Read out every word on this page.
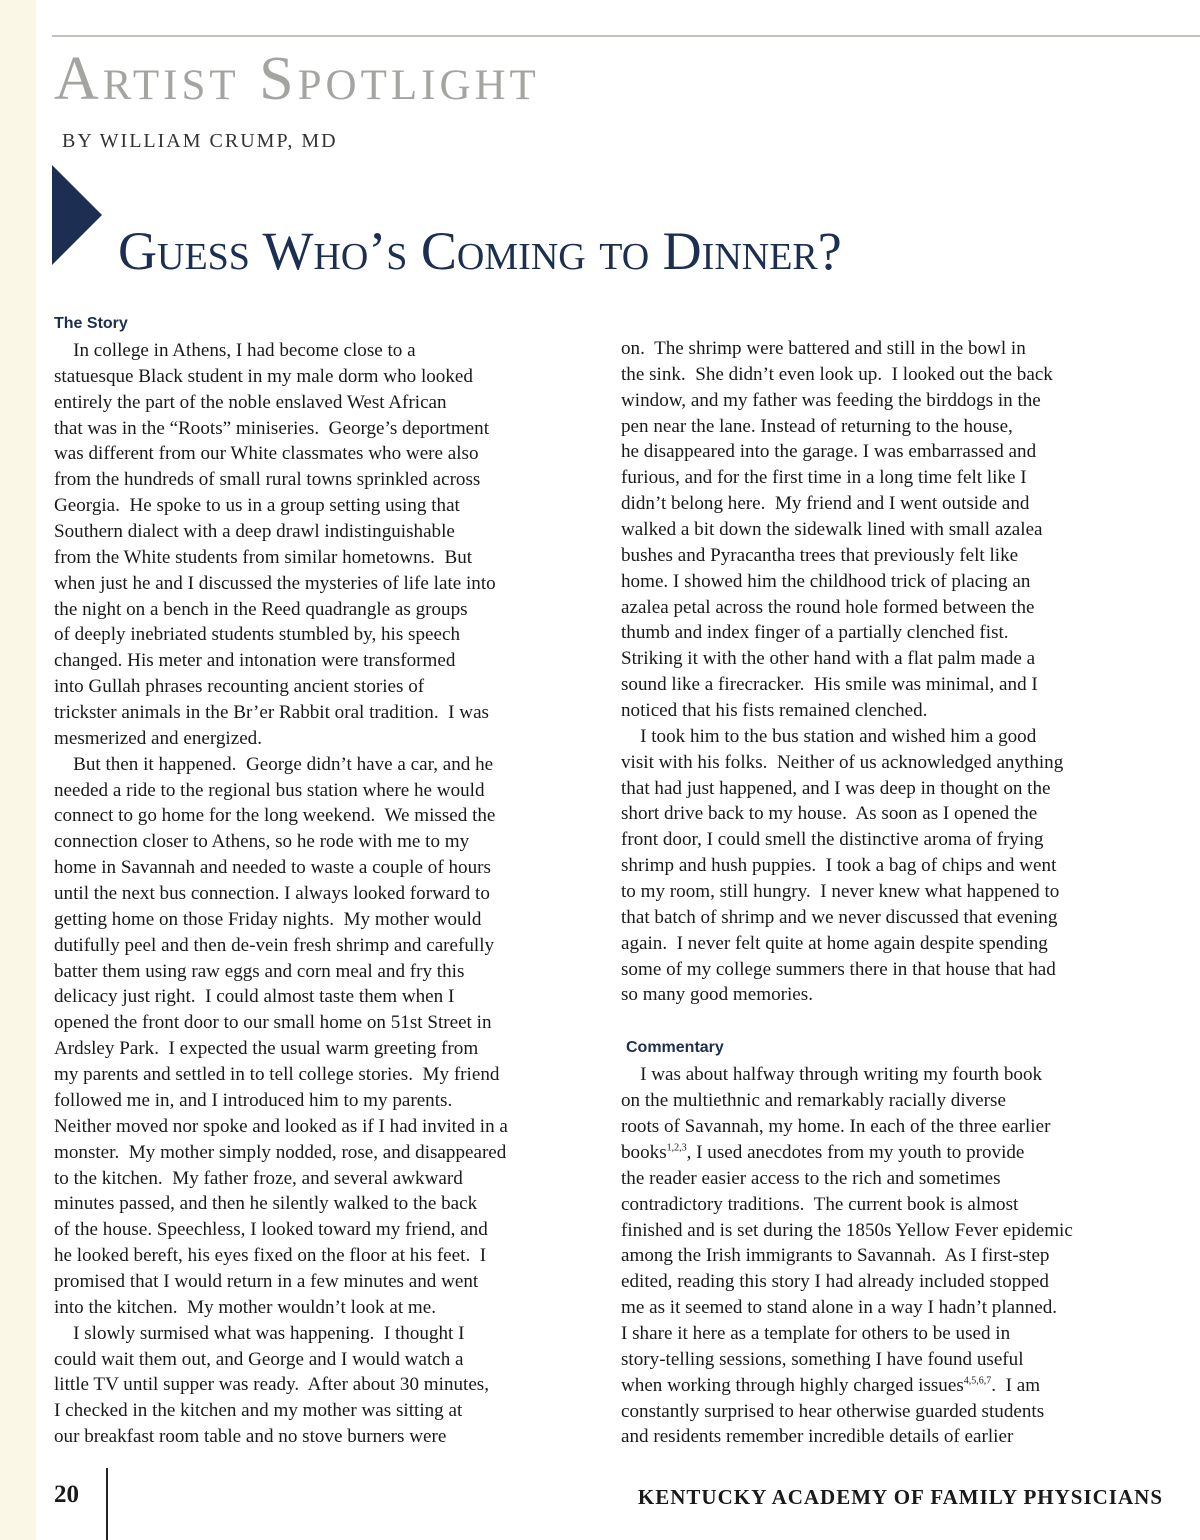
Artist Spotlight
BY WILLIAM CRUMP, MD
Guess Who’s Coming to Dinner?
The Story
In college in Athens, I had become close to a
statuesque Black student in my male dorm who looked
entirely the part of the noble enslaved West African
that was in the “Roots” miniseries.  George’s deportment
was different from our White classmates who were also
from the hundreds of small rural towns sprinkled across
Georgia.  He spoke to us in a group setting using that
Southern dialect with a deep drawl indistinguishable
from the White students from similar hometowns.  But
when just he and I discussed the mysteries of life late into
the night on a bench in the Reed quadrangle as groups
of deeply inebriated students stumbled by, his speech
changed. His meter and intonation were transformed
into Gullah phrases recounting ancient stories of
trickster animals in the Br’er Rabbit oral tradition.  I was
mesmerized and energized.
But then it happened.  George didn’t have a car, and he
needed a ride to the regional bus station where he would
connect to go home for the long weekend.  We missed the
connection closer to Athens, so he rode with me to my
home in Savannah and needed to waste a couple of hours
until the next bus connection. I always looked forward to
getting home on those Friday nights.  My mother would
dutifully peel and then de-vein fresh shrimp and carefully
batter them using raw eggs and corn meal and fry this
delicacy just right.  I could almost taste them when I
opened the front door to our small home on 51st Street in
Ardsley Park.  I expected the usual warm greeting from
my parents and settled in to tell college stories.  My friend
followed me in, and I introduced him to my parents.
Neither moved nor spoke and looked as if I had invited in a
monster.  My mother simply nodded, rose, and disappeared
to the kitchen.  My father froze, and several awkward
minutes passed, and then he silently walked to the back
of the house. Speechless, I looked toward my friend, and
he looked bereft, his eyes fixed on the floor at his feet.  I
promised that I would return in a few minutes and went
into the kitchen.  My mother wouldn’t look at me.
I slowly surmised what was happening.  I thought I
could wait them out, and George and I would watch a
little TV until supper was ready.  After about 30 minutes,
I checked in the kitchen and my mother was sitting at
our breakfast room table and no stove burners were
on.  The shrimp were battered and still in the bowl in
the sink.  She didn’t even look up.  I looked out the back
window, and my father was feeding the birddogs in the
pen near the lane. Instead of returning to the house,
he disappeared into the garage. I was embarrassed and
furious, and for the first time in a long time felt like I
didn’t belong here.  My friend and I went outside and
walked a bit down the sidewalk lined with small azalea
bushes and Pyracantha trees that previously felt like
home. I showed him the childhood trick of placing an
azalea petal across the round hole formed between the
thumb and index finger of a partially clenched fist.
Striking it with the other hand with a flat palm made a
sound like a firecracker.  His smile was minimal, and I
noticed that his fists remained clenched.
I took him to the bus station and wished him a good
visit with his folks.  Neither of us acknowledged anything
that had just happened, and I was deep in thought on the
short drive back to my house.  As soon as I opened the
front door, I could smell the distinctive aroma of frying
shrimp and hush puppies.  I took a bag of chips and went
to my room, still hungry.  I never knew what happened to
that batch of shrimp and we never discussed that evening
again.  I never felt quite at home again despite spending
some of my college summers there in that house that had
so many good memories.
Commentary
I was about halfway through writing my fourth book
on the multiethnic and remarkably racially diverse
roots of Savannah, my home. In each of the three earlier
books$^{1,2,3}$, I used anecdotes from my youth to provide
the reader easier access to the rich and sometimes
contradictory traditions.  The current book is almost
finished and is set during the 1850s Yellow Fever epidemic
among the Irish immigrants to Savannah.  As I first-step
edited, reading this story I had already included stopped
me as it seemed to stand alone in a way I hadn’t planned.
I share it here as a template for others to be used in
story-telling sessions, something I have found useful
when working through highly charged issues$^{4,5,6,7}$.  I am
constantly surprised to hear otherwise guarded students
and residents remember incredible details of earlier
20	KENTUCKY ACADEMY OF FAMILY PHYSICIANS
